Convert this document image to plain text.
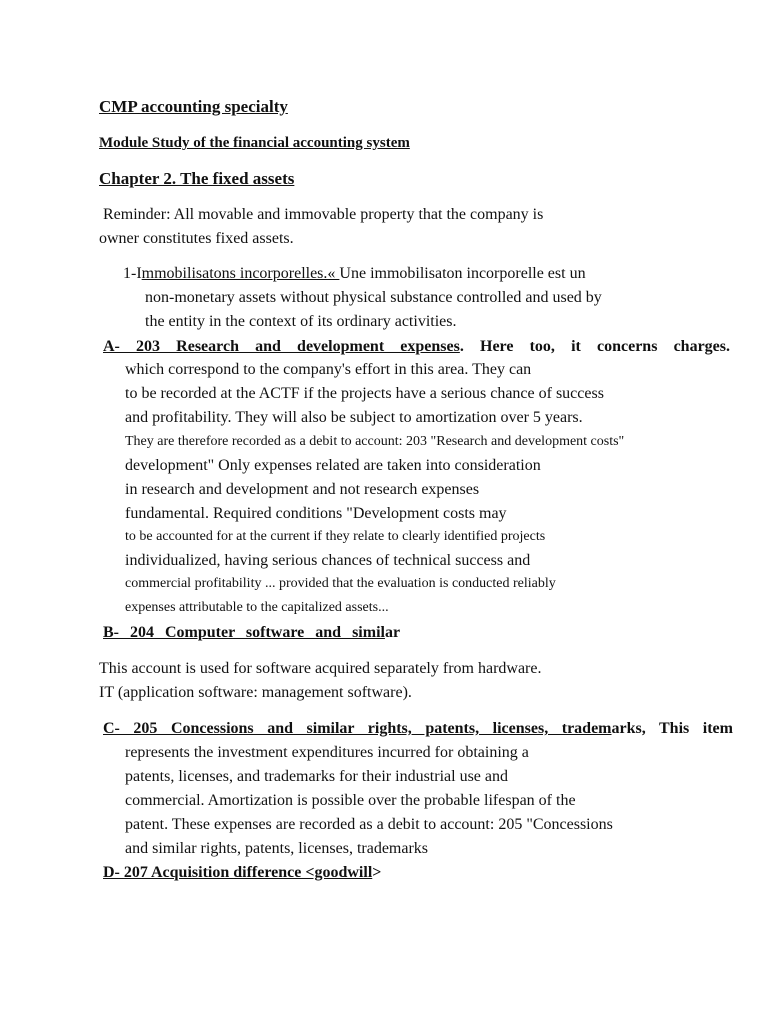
CMP accounting specialty

Module Study of the financial accounting system

Chapter 2. The fixed assets

Reminder: All movable and immovable property that the company is

owner constitutes fixed assets.

1-Immobilisatons incorporelles.« Une immobilisaton incorporelle est un

non-monetary assets without physical substance controlled and used by

the entity in the context of its ordinary activities.

A- 203 Research and development expenses. Here too, it concerns charges.

which correspond to the company's effort in this area. They can

to be recorded at the ACTF if the projects have a serious chance of success

and profitability. They will also be subject to amortization over 5 years.

They are therefore recorded as a debit to account: 203 "Research and development costs"

development" Only expenses related are taken into consideration

in research and development and not research expenses

fundamental. Required conditions "Development costs may

to be accounted for at the current if they relate to clearly identified projects

individualized, having serious chances of technical success and

commercial profitability ... provided that the evaluation is conducted reliably

expenses attributable to the capitalized assets...

B- 204 Computer software and similar

This account is used for software acquired separately from hardware.

IT (application software: management software).

C- 205 Concessions and similar rights, patents, licenses, trademarks, This item

represents the investment expenditures incurred for obtaining a

patents, licenses, and trademarks for their industrial use and

commercial. Amortization is possible over the probable lifespan of the

patent. These expenses are recorded as a debit to account: 205 "Concessions

and similar rights, patents, licenses, trademarks

D- 207 Acquisition difference <goodwill>
